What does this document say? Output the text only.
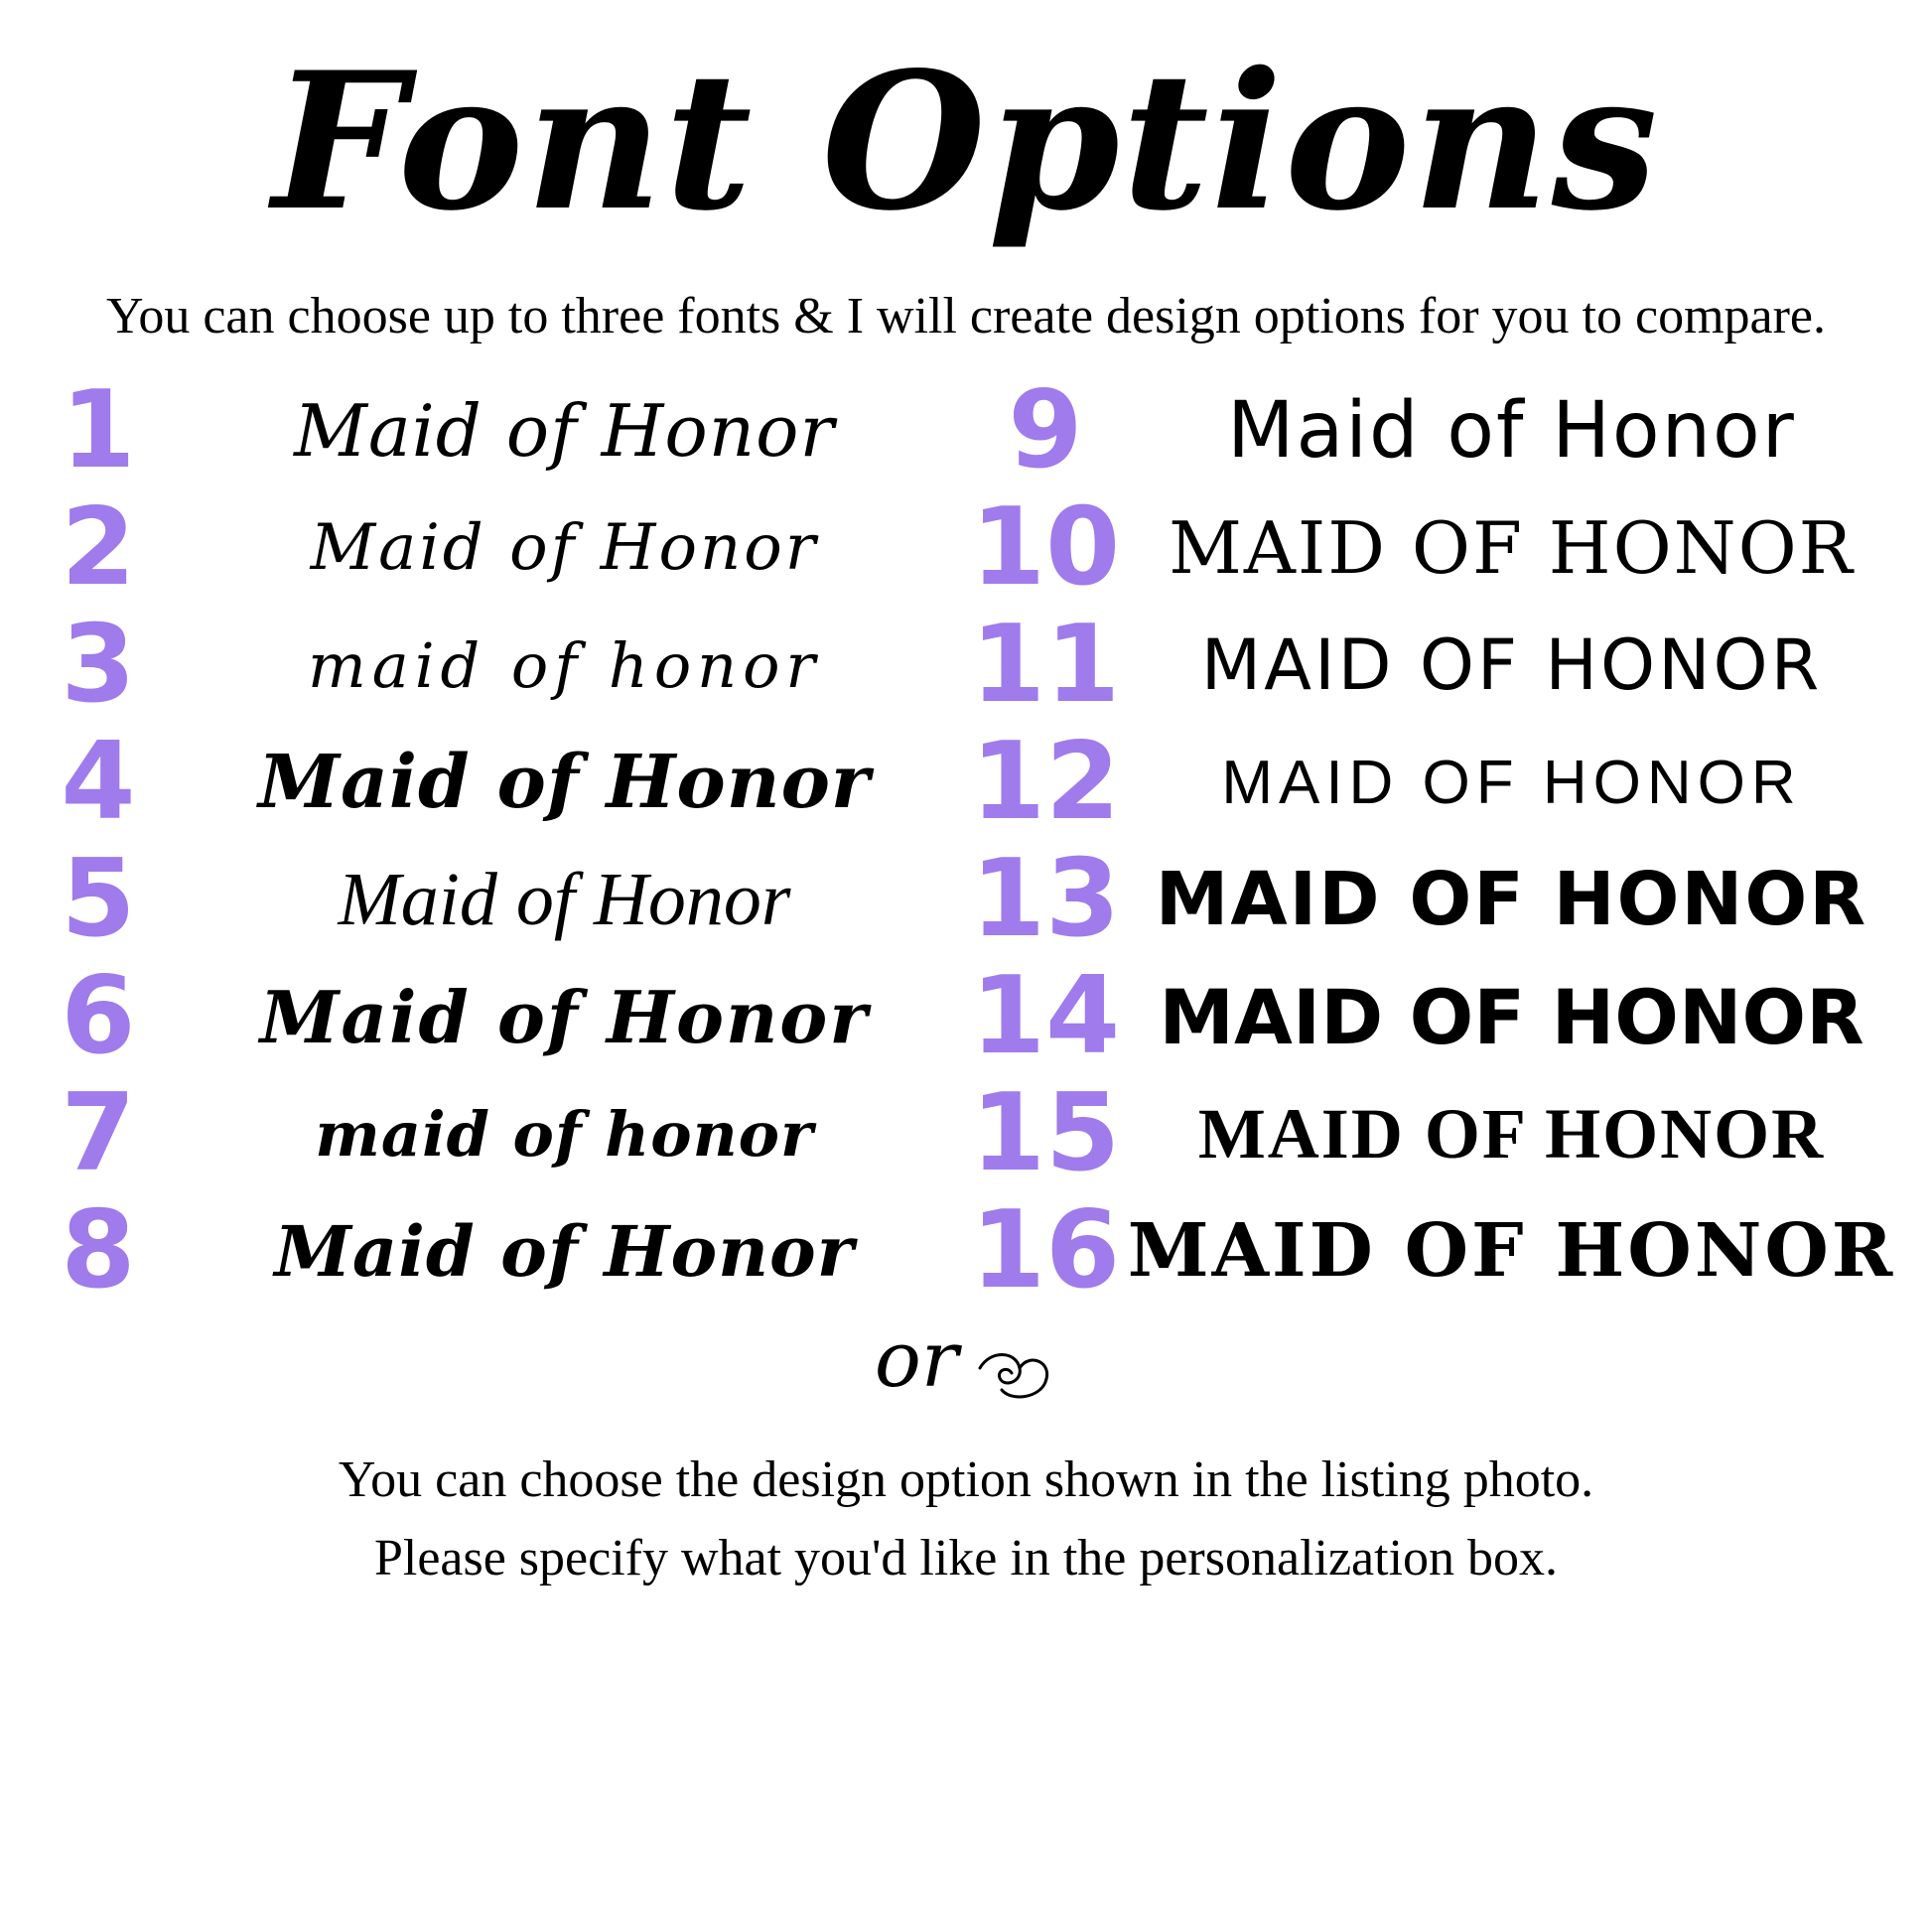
Font Options
You can choose up to three fonts & I will create design options for you to compare.
1	Maid of Honor
2	Maid of Honor
3	maid of honor
4	Maid of Honor
5	Maid of Honor
6	Maid of Honor
7	maid of honor
8	Maid of Honor
9	Maid of Honor
10 MAID OF HONOR
11	MAID OF HONOR
12	MAID OF HONOR
13 MAID OF HONOR
14 MAID OF HONOR
15	MAID OF HONOR
16 MAID OF HONOR
or
You can choose the design option shown in the listing photo.
Please specify what you'd like in the personalization box.
